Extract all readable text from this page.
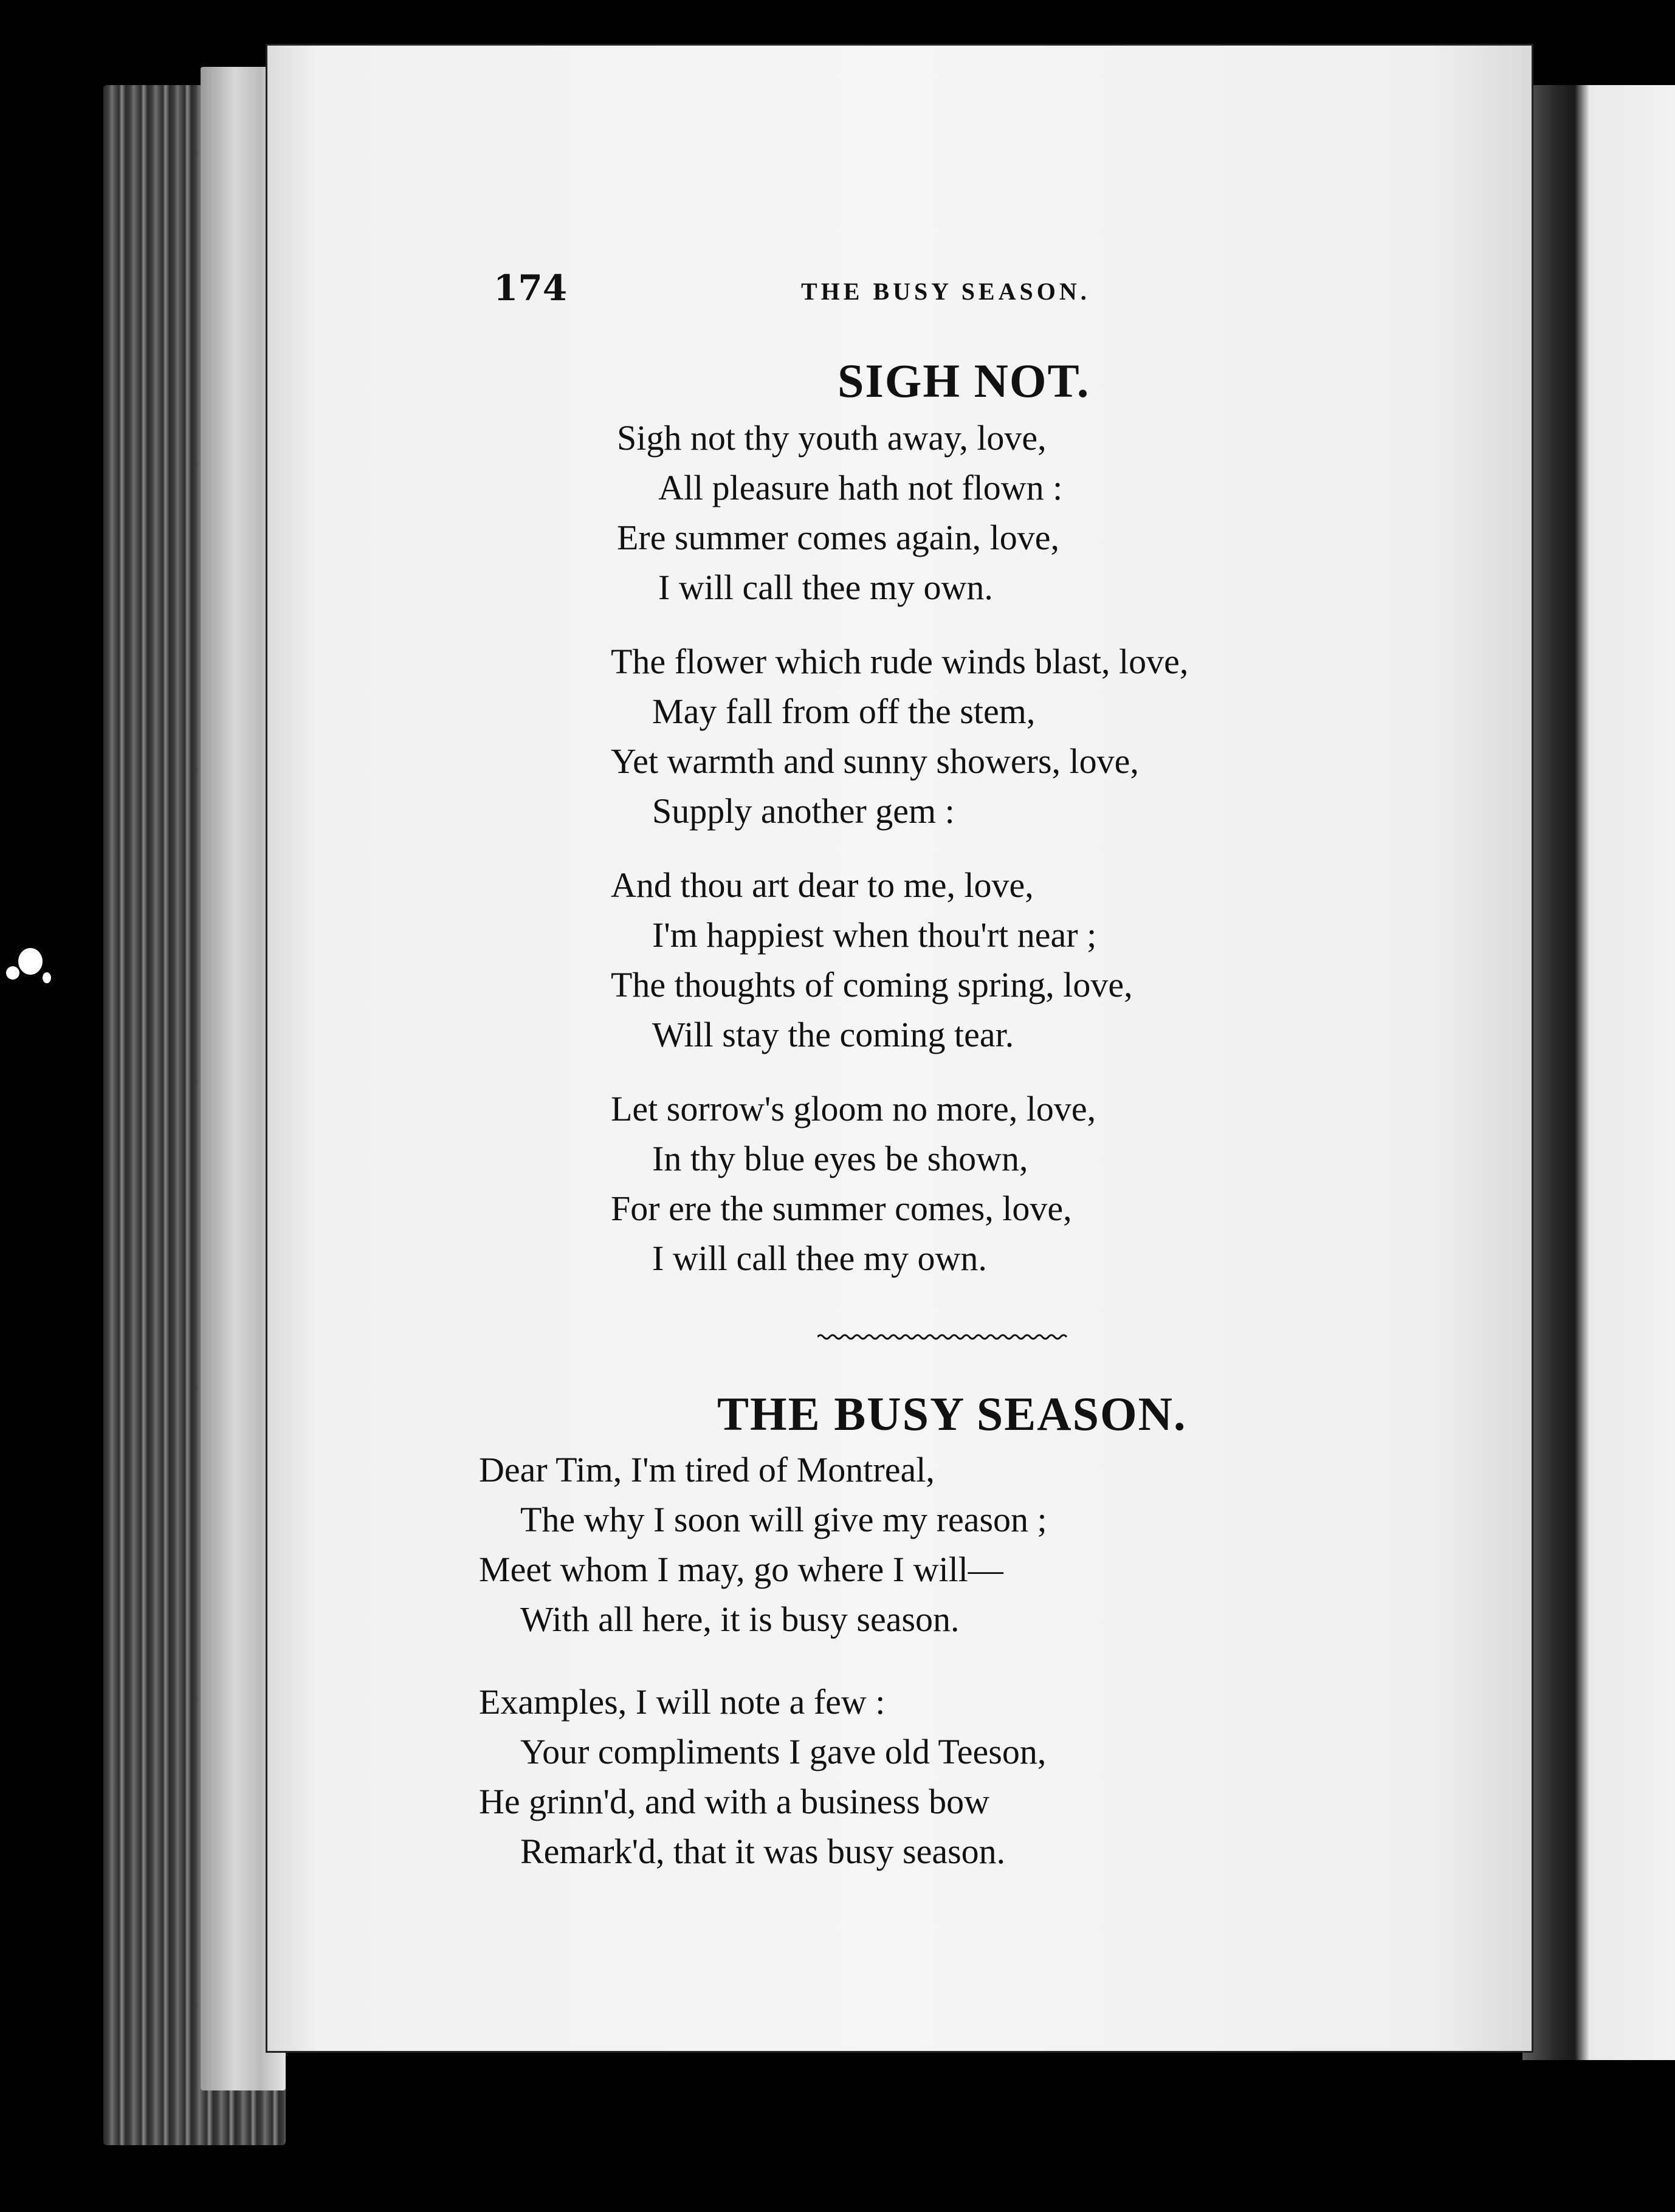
174	THE BUSY SEASON.
SIGH NOT.
Sigh not thy youth away, love,
All pleasure hath not flown :
Ere summer comes again, love,
I will call thee my own.
The flower which rude winds blast, love,
May fall from off the stem,
Yet warmth and sunny showers, love,
Supply another gem :
And thou art dear to me, love,
I'm happiest when thou'rt near ;
The thoughts of coming spring, love,
Will stay the coming tear.
Let sorrow's gloom no more, love,
In thy blue eyes be shown,
For ere the summer comes, love,
I will call thee my own.
THE BUSY SEASON.
Dear Tim, I'm tired of Montreal,
The why I soon will give my reason ;
Meet whom I may, go where I will—
With all here, it is busy season.
Examples, I will note a few :
Your compliments I gave old Teeson,
He grinn'd, and with a business bow
Remark'd, that it was busy season.
